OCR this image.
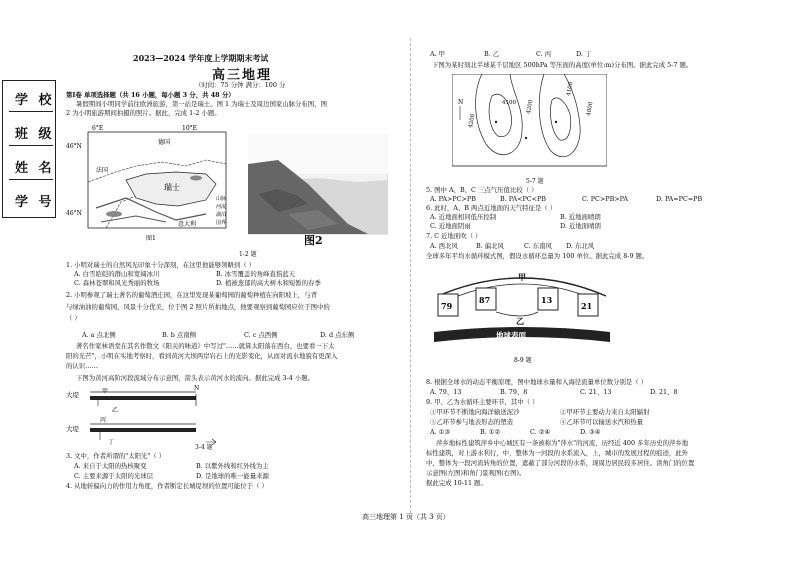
学 校
班 级
姓 名
学 号
2023—2024 学年度上学期期末考试
高三地理
（时间：75 分钟 满分：100 分
第Ⅰ卷 单项选择题（共 16 小题，每小题 3 分，共 48 分）
暑假期间小明同学前往欧洲旅游，第一站是瑞士。图 1 为瑞士及周边国家山脉分布图，图
2 为小明旅游期间拍摄的照片。据此，完成 1-2 小题。
6°E	10°E
46°N
46°N
德国
法国
瑞士
意大利
山脉
河流
湖泊
国界
图1	图2
1-2 题
1. 小明对瑞士的自然风光印象十分深刻，在这里他能够领略到（ ）
A. 白雪皑皑的群山和宽阔冰川	B. 冰雪覆盖的角峰直指蓝天
C. 森林苍翠和风光秀丽的牧场	D. 植被葱郁的高大树木和短暂的春季
2. 小明参观了瑞士著名的葡萄酒庄园，在这里发现某葡萄园的葡萄种植在向阳坡上，与背
与绿油油的葡萄园，风景十分优美，位于图 2 照片所拍地点，他要观察到葡萄园应位于图中的
（ ）
A. a 点北侧	B. b 点南侧	C. c 点西侧	D. d 点东侧
著名作家林语堂在其名作散文《阳关的味道》中写过"……就算太阳落在西台，也要看一下太
阳的光芒"，小明在实地考察时，看到黄河大坝两岸岩石上的光影变化，从而对流水地貌有更深入
的认识……
下图为黄河高阶河段流域分布示意图，箭头表示黄河水的流向。据此完成 3-4 小题。
大堤	甲
乙
大堤
丙
丁
N
3-4 题
3. 文中，作者所谓的"太阳光"（ ）
A. 来自于太阳的热核聚变	B. 以紫外线和红外线为主
C. 主要来源于太阳的光球层	D. 是地球的唯一能量来源
4. 从地转偏向力的作用力角度，作者断定长城堤坝的位置可能位于（ ）
A. 甲	B. 乙	C. 丙	D. 丁
下图为某时刻北半球某千层地区 500hPa 等压面的高度(单位:m)分布图。据此完成 5-7 题。
4200
4100 4200
4100
4000
N
5-7 题
5. 图中 A、B、C 三点气压值比较（ ）
A. PA>PC>PB	B. PA<PC<PB	C. PC>PB>PA	D. PA=PC=PB
6. 此时，A、B 两点近地面的天气特征是（ ）
A. 近地面相同低压控制	B. 近地面晴朗
C. 近地面阴雨	D. 近地面晴朗
7. C 近地面吹（ ）
A. 西北风	B. 偏北风	C. 东南风 D. 东北风
全球多年平均水循环模式图，假设水循环总量为 100 单位。据此完成 8-9 题。
甲
79
87	13
21
乙
地球表面
8-9 题
8. 根据全球水的动态平衡原理，图中地球水量和入海径流量单位数分别是（ ）
A. 79、13	B. 79、8	C. 21、13	D. 21、8
9. 甲、乙为水循环主要环节，其中（ ）
①甲环节不断地向海洋输送泥沙	②甲环节主要动力来自太阳辐射
③乙环节参与地表形态的塑造	④乙环节可以输送水汽和热量
A. ①③	B. ①②	C. ②④	D. ③④
萍乡地标性建筑萍乡中心城区有一条被称为"萍水"的河流，历经近 400 多年历史的萍乡地
标性建筑，对上游水利行，中，整体为一河段的水系流入，上，城市的发展过程的痕迹，此外
中，整体为一段河流转角的位置，遮蔽了部分河段的水系，现周边居民较多居住。读角门的位置
示意图(左图)和角门景观图(右图)。
据此完成 10-11 题。
高三地理第 1 页（共 3 页）
